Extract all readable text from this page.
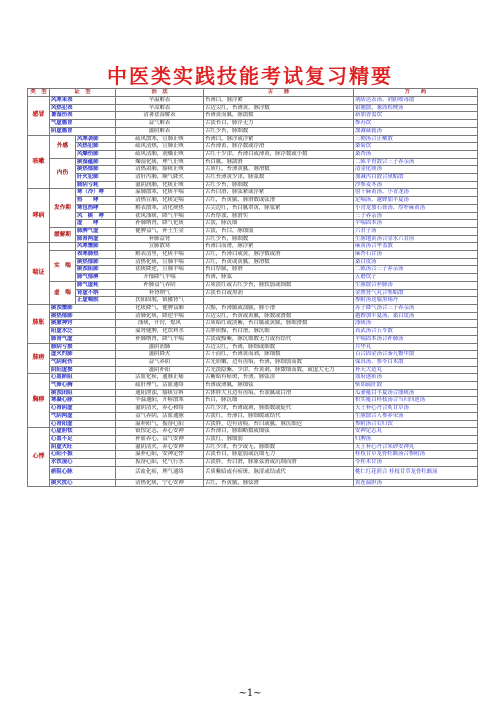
中医类实践技能考试复习精要
类　型	证　型		治　法	舌　　脉	方　　药
感冒	风寒束表		辛温解表	苔薄白，脉浮紧	荆防达表汤、荆防败毒散
	风热犯表		辛凉解表	舌边尖红，苔薄黄，脉浮数	银翘散、葱豉桔梗汤
	暑湿伤表		清暑祛湿解表	苔薄黄而腻，脉濡数	新加香薷饮
	气虚感冒		益气解表	舌淡苔白，脉浮无力	参苏饮
	阴虚感冒		滋阴解表	舌红少苔，脉细数	加减葳蕤汤
咳嗽	外感	风寒袭肺	疏风散寒，宣肺止咳	苔薄白，脉浮或浮紧	三拗汤合止嗽散
		风热犯肺	疏风清热，宣肺止咳	舌苔薄黄，脉浮数或浮滑	桑菊饮
		风燥伤肺	疏风清肺，润燥止咳	舌红干少津，苔薄白或薄黄，脉浮数或小数	桑杏汤
	内伤	痰湿蕴肺	燥湿化痰，理气止咳	苔白腻，脉濡滑	二陈平胃散合三子养亲汤
		痰热郁肺	清热肃肺，豁痰止咳	舌质红，苔薄黄腻，脉滑数	清金化痰汤
		肝火犯肺	清肝泻肺，顺气降火	舌红苔薄黄少津，脉弦数	加减泻白散合黛蛤散
		肺阴亏耗	滋阴润肺，化痰止咳	舌红少苔，脉细数	沙参麦冬汤
哮病	发作期	寒（冷）哮	温肺散寒，化痰平喘	舌苔白滑，脉弦紧或浮紧	射干麻黄汤、小青龙汤
		热　　哮	清热宣肺，化痰定喘	舌红，苔黄腻，脉滑数或弦滑	定喘汤、越婢加半夏汤
		寒包热哮	解表散寒，清化痰热	舌尖边红，苔白腻罩黄，脉弦紧	小青龙加石膏汤、厚朴麻黄汤
		风　痰　哮	祛风涤痰，降气平喘	舌苔厚浊，脉滑实	三子养亲汤
		虚　　哮	补肺纳肾，降气化痰	舌淡，脉沉细	平喘固本汤
	缓解期	肺脾气虚	健脾益气，补土生金	舌淡，苔白，脉细弱	六君子汤
		肺肾两虚	补肺益肾	舌红少苔，脉细数	生脉地黄汤合金水六君煎
喘证		风寒壅肺	宣肺散寒	苔薄白而滑，脉浮紧	麻黄汤合华盖散
	实　喘	表寒肺热	解表清里，化痰平喘	舌红，苔薄白或黄，脉浮数或滑	麻杏石甘汤
		痰热郁肺	清热化痰，宣肺平喘	舌红，苔黄或黄腻，脉滑数	桑白皮汤
		痰浊阻肺	祛痰降逆，宣肺平喘	苔白厚腻，脉滑	二陈汤合三子养亲汤
		肺气郁痹	开郁降气平喘	苔薄，脉弦	五磨饮子
	虚　喘	肺气虚耗	补肺益气养阴	舌质淡红或舌红少苔，脉软弱或细数	生脉散合补肺汤
		肾虚不纳	补肾纳气	舌淡苔白或黑润	金匮肾气丸合参蛤散
		正虚喘脱	扶阳固脱，镇摄肾气		参附汤送服黑锡丹
肺胀	痰浊壅肺		化痰降气，健脾益肺	舌黯，苔薄腻或浊腻，脉小滑	苏子降气汤合三子养亲汤
	痰热郁肺		清肺化痰，降逆平喘	舌边尖红，苔黄或黄腻，脉数或滑数	越婢加半夏汤、桑白皮汤
	痰蒙神窍		涤痰，开窍，熄风	舌质暗红或淡紫，苔白腻或黄腻，脉细滑数	涤痰汤
	阳虚水泛		温肾健脾，化饮利水	舌胖质黯，苔白滑，脉沉细	真武汤合五苓散
	肺肾气虚		补肺纳肾，降气平喘	舌淡或黯紫，脉沉细数无力或有结代	平喘固本汤合补肺汤
肺痨	肺阴亏损		滋阴润肺	舌边尖红，苔薄，脉细或细数	月华丸
	虚火灼肺		滋阴降火	舌干而红，苔薄黄而剥，脉细数	百合固金汤合秦艽鳖甲散
	气阴耗伤		益气养阴	舌光质嫩，边有齿痕，苔薄，脉细弱而数	保真汤、参苓白术散
	阴阳虚损		滋阴补阳	舌光淡隐紫，少津，苔黄剥，脉微细而数，或虚大无力	补天大造丸
胸痹	心血瘀阻		活血化瘀，通脉止痛	舌紫暗有瘀斑，苔薄，脉弦涩	血府逐瘀汤
	气滞心胸		疏肝理气，活血通络	苔薄或薄腻，脉细弦	柴胡疏肝散
	痰浊闭阻		通阳泄浊，豁痰宣痹	舌体胖大且边有齿痕，苔浊腻或白滑	瓜蒌薤白半夏汤合涤痰汤
	寒凝心脉		辛温通阳，开痹散寒	苔白，脉沉细	枳实薤白桂枝汤合当归四逆汤
	心肾阴虚		滋阴清火，养心和络	舌红少津，苔薄或剥，脉细数或促代	天王补心丹合炙甘草汤
	气阴两虚		益气养阴，活血通脉	舌淡红，苔薄白，脉细缓或结代	生脉散合人参养荣汤
	心肾阳虚		温补阳气，振奋心阳	舌淡胖，边有齿痕，苔白或腻，脉沉细迟	参附汤合右归饮
心悸	心虚胆怯		镇惊定志，养心安神	舌苔薄白，脉细略数或细弦	安神定志丸
	心血不足		补血养心，益气安神	舌淡红，脉细弱	归脾汤
	阴虚火旺		滋阴清火，养心安神	舌红少津，苔少或无，脉细数	天王补心丹合朱砂安神丸
	心阳不振		温补心阳，安神定悸	舌淡苔白，脉虚弱或沉细无力	桂枝甘草龙骨牡蛎汤合参附汤
	水饮凌心		振奋心阳，化气行水	舌淡胖，苔白滑，脉象弦滑或沉细而滑	苓桂术甘汤
	瘀阻心脉		活血化瘀，理气通络	舌质紫暗或有瘀斑，脉涩或结或代	桃仁红花煎合 桂枝甘草龙骨牡蛎汤
	痰火扰心		清热化痰，宁心安神	舌红，苔黄腻，脉弦滑	黄连温胆汤
~1~
